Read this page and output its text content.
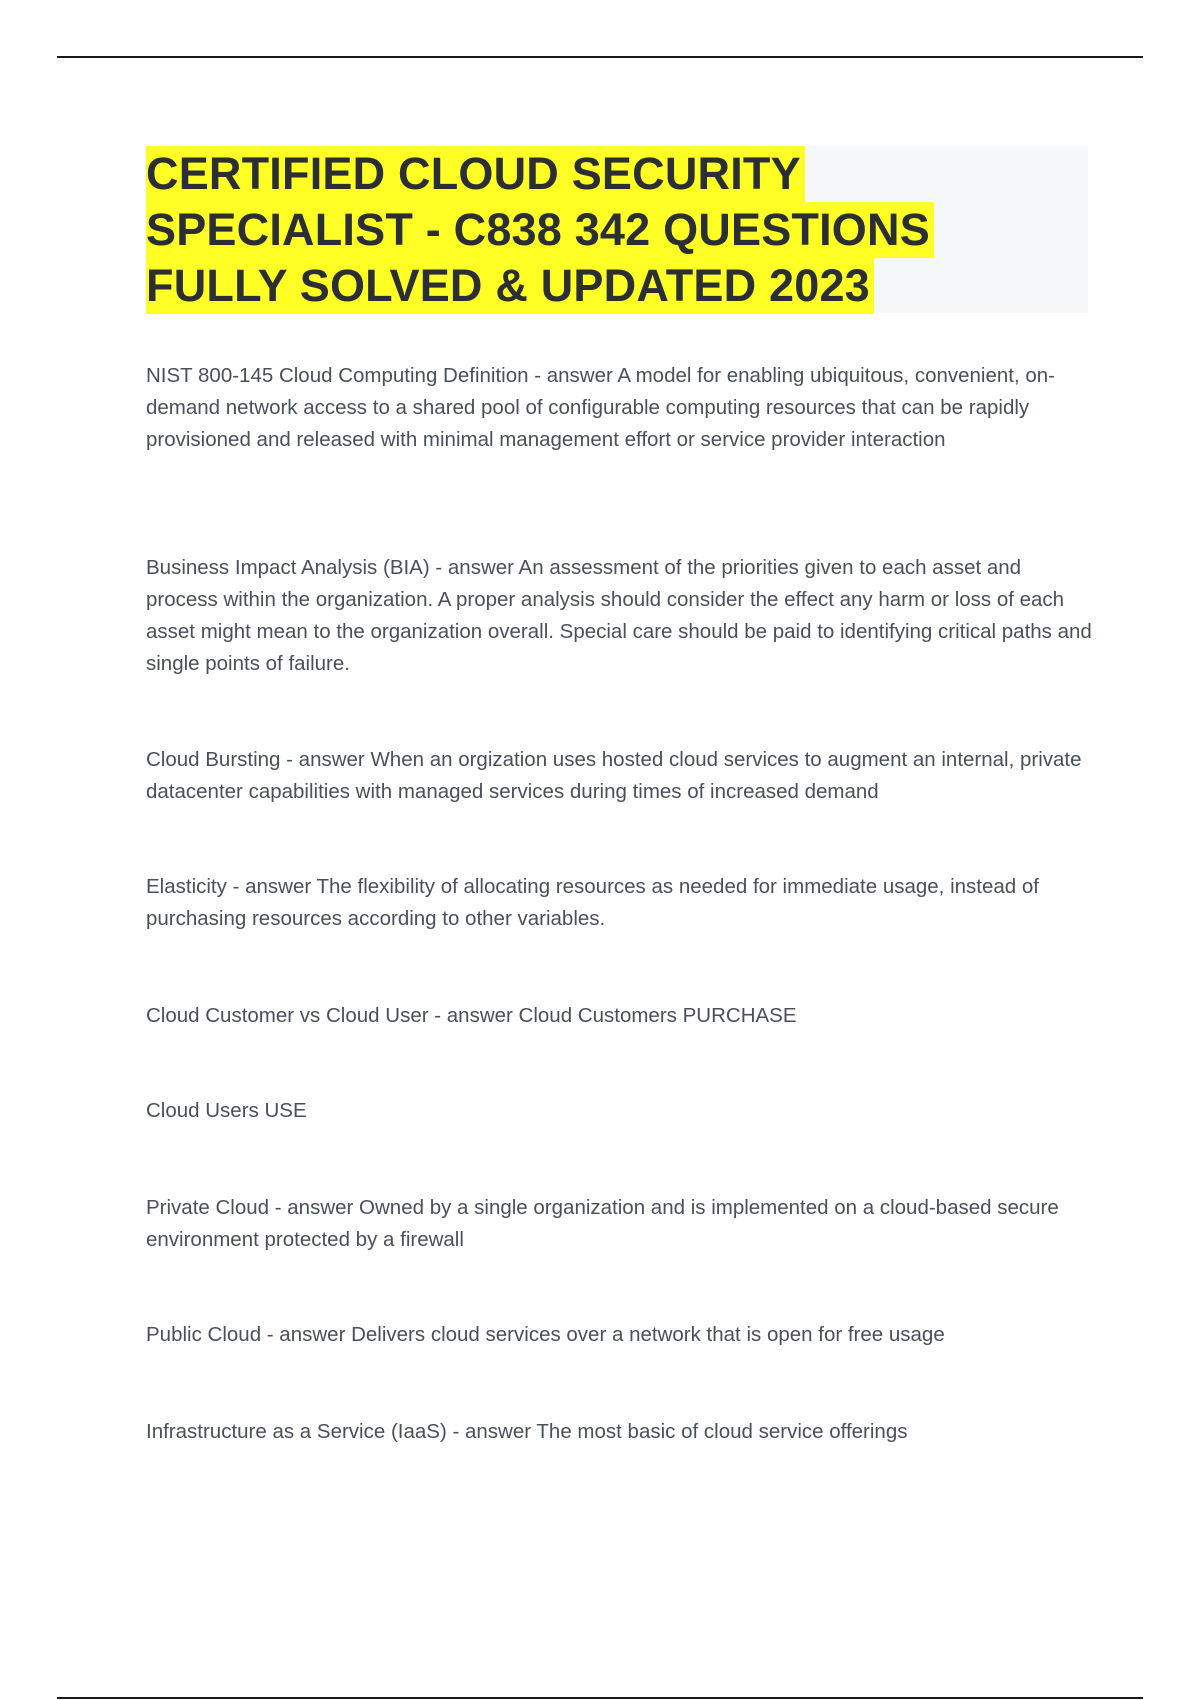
CERTIFIED CLOUD SECURITY
SPECIALIST - C838 342 QUESTIONS
FULLY SOLVED & UPDATED 2023

NIST 800-145 Cloud Computing Definition - answer A model for enabling ubiquitous, convenient, on-demand network access to a shared pool of configurable computing resources that can be rapidly provisioned and released with minimal management effort or service provider interaction

Business Impact Analysis (BIA) - answer An assessment of the priorities given to each asset and process within the organization. A proper analysis should consider the effect any harm or loss of each asset might mean to the organization overall. Special care should be paid to identifying critical paths and single points of failure.

Cloud Bursting - answer When an orgization uses hosted cloud services to augment an internal, private datacenter capabilities with managed services during times of increased demand

Elasticity - answer The flexibility of allocating resources as needed for immediate usage, instead of purchasing resources according to other variables.

Cloud Customer vs Cloud User - answer Cloud Customers PURCHASE

Cloud Users USE

Private Cloud - answer Owned by a single organization and is implemented on a cloud-based secure environment protected by a firewall

Public Cloud - answer Delivers cloud services over a network that is open for free usage

Infrastructure as a Service (IaaS) - answer The most basic of cloud service offerings
